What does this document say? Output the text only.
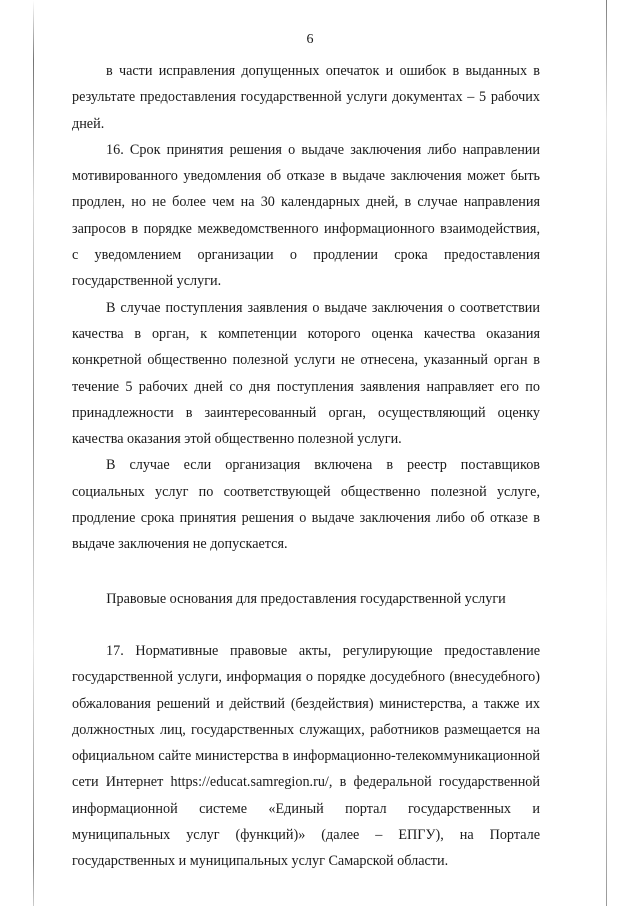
6

в части исправления допущенных опечаток и ошибок в выданных в результате предоставления государственной услуги документах – 5 рабочих дней.

16. Срок принятия решения о выдаче заключения либо направлении мотивированного уведомления об отказе в выдаче заключения может быть продлен, но не более чем на 30 календарных дней, в случае направления запросов в порядке межведомственного информационного взаимодействия, с уведомлением организации о продлении срока предоставления государственной услуги.

В случае поступления заявления о выдаче заключения о соответствии качества в орган, к компетенции которого оценка качества оказания конкретной общественно полезной услуги не отнесена, указанный орган в течение 5 рабочих дней со дня поступления заявления направляет его по принадлежности в заинтересованный орган, осуществляющий оценку качества оказания этой общественно полезной услуги.

В случае если организация включена в реестр поставщиков социальных услуг по соответствующей общественно полезной услуге, продление срока принятия решения о выдаче заключения либо об отказе в выдаче заключения не допускается.

Правовые основания для предоставления государственной услуги

17. Нормативные правовые акты, регулирующие предоставление государственной услуги, информация о порядке досудебного (внесудебного) обжалования решений и действий (бездействия) министерства, а также их должностных лиц, государственных служащих, работников размещается на официальном сайте министерства в информационно-телекоммуникационной сети Интернет https://educat.samregion.ru/, в федеральной государственной информационной системе «Единый портал государственных и муниципальных услуг (функций)» (далее – ЕПГУ), на Портале государственных и муниципальных услуг Самарской области.
